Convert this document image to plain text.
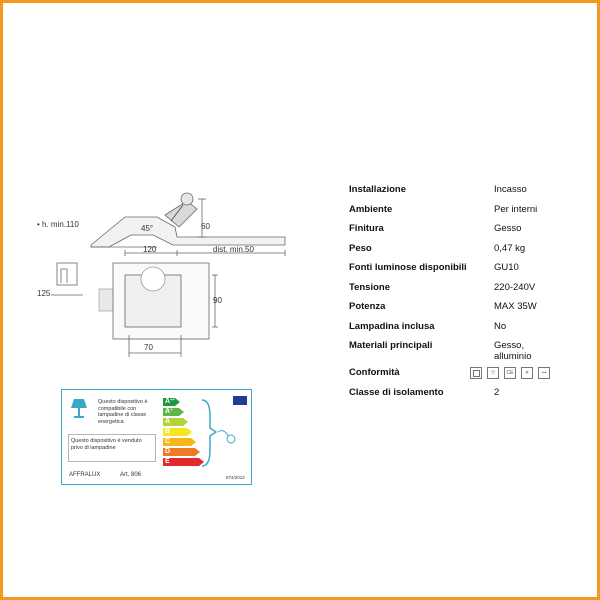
• h. min.110	45°	60
120	dist. min.50
125
90
70
Questo dispositivo è compatibile con lampadine di classe energetica
Questo dispositivo è venduto privo di lampadine
A++
A+
A
B
C
D
E
AFFRALUX	Art. 806	874/2012
Installazione	Incasso
Ambiente	Per interni
Finitura	Gesso
Peso	0,47 kg
Fonti luminose disponibili	GU10
Tensione	220-240V
Potenza	MAX 35W
Lampadina inclusa	No
Materiali principali	Gesso, alluminio
Conformità	▽	CE	✕	⊶
Classe di isolamento	2
